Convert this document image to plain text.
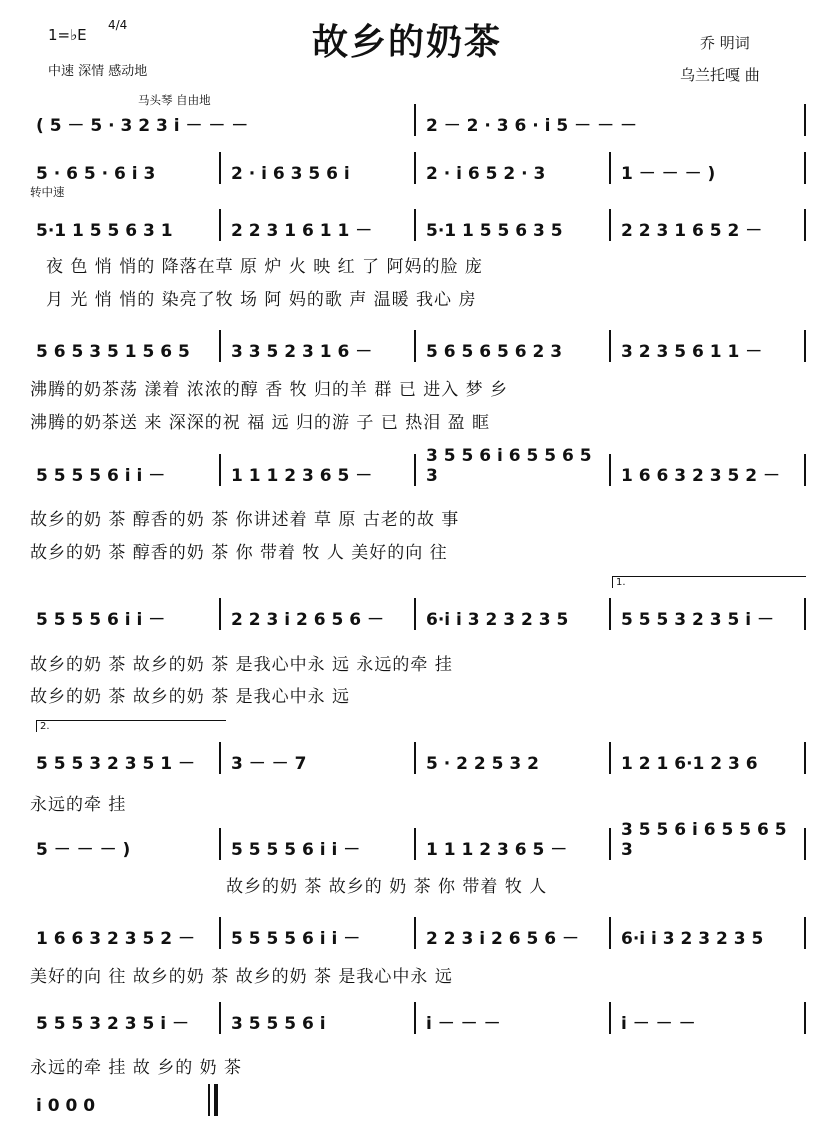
1=♭E
4/4
中速 深情 感动地
故乡的奶茶	乔 明词
乌兰托嘎 曲
马头琴 自由地
转中速
1.
2.
( 5 － 5 · 3 2 3 i － － －	2 － 2 · 3 6 · i 5 － － －
5 · 6 5 · 6 i 3	2 · i 6 3 5 6 i	2 · i 6 5 2 · 3	1 － － － )
5·1 1 5 5 6 3 1	2 2 3 1 6 1 1 －	5·1 1 5 5 6 3 5	2 2 3 1 6 5 2 －
5 6 5 3 5 1 5 6 5	3 3 5 2 3 1 6 －	5 6 5 6 5 6 2 3	3 2 3 5 6 1 1 －
5 5 5 5 6 i i －	1 1 1 2 3 6 5 －
3 5 5 6 i 6 5 5 6 5 3	1 6 6 3 2 3 5 2 －
5 5 5 5 6 i i －	2 2 3 i 2 6 5 6 －	6·i i 3 2 3 2 3 5	5 5 5 3 2 3 5 i －
5 5 5 3 2 3 5 1 －	3 － － 7	5 · 2 2 5 3 2	1 2 1 6·1 2 3 6
5 － － － )	5 5 5 5 6 i i －	1 1 1 2 3 6 5 －
3 5 5 6 i 6 5 5 6 5 3
1 6 6 3 2 3 5 2 －	5 5 5 5 6 i i －	2 2 3 i 2 6 5 6 －	6·i i 3 2 3 2 3 5
5 5 5 3 2 3 5 i －	3 5 5 5 6 i	i － － －	i － － －
i 0 0 0
夜 色 悄 悄的 降落在草 原 炉 火 映 红 了 阿妈的脸 庞
月 光 悄 悄的 染亮了牧 场 阿 妈的歌 声 温暖 我心 房
沸腾的奶茶荡 漾着 浓浓的醇 香 牧 归的羊 群 已 进入 梦 乡
沸腾的奶茶送 来 深深的祝 福 远 归的游 子 已 热泪 盈 眶
故乡的奶 茶 醇香的奶 茶 你讲述着 草 原 古老的故 事
故乡的奶 茶 醇香的奶 茶 你 带着 牧 人 美好的向 往
故乡的奶 茶 故乡的奶 茶 是我心中永 远 永远的牵 挂
故乡的奶 茶 故乡的奶 茶 是我心中永 远
永远的牵 挂
故乡的奶 茶 故乡的 奶 茶 你 带着 牧 人
美好的向 往 故乡的奶 茶 故乡的奶 茶 是我心中永 远
永远的牵 挂 故 乡的 奶 茶
